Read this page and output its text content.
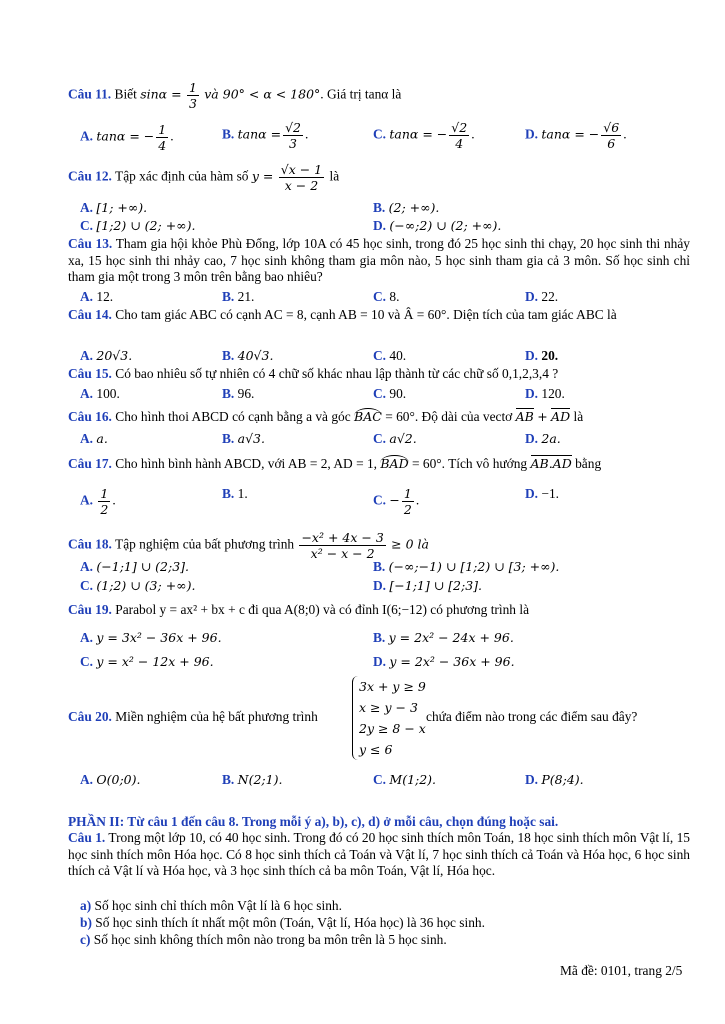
Câu 11. Biết $\sin\alpha = \frac{1}{3}$ và 90° < α < 180°. Giá trị tanα là
A. tanα = − $\frac{1}{4}$ .	B. $\tan\alpha = \frac{√2}{3}$ .	C. tanα = − $\frac{√2}{4}$ .	D. tanα = − $\frac{√6}{6}$ .
Câu 12. Tập xác định của hàm số $y = \frac{√x - 1}{x - 2}$ là
A. [1; +∞).	B. (2; +∞).
C. [1;2) ∪ (2; +∞).	D. (−∞;2) ∪ (2; +∞).
Câu 13. Tham gia hội khỏe Phù Đổng, lớp 10A có 45 học sinh, trong đó 25 học sinh thi chạy, 20 học sinh thi nhảy xa, 15 học sinh thi nhảy cao, 7 học sinh không tham gia môn nào, 5 học sinh tham gia cả 3 môn. Số học sinh chỉ tham gia một trong 3 môn trên bằng bao nhiêu?
A. 12.	B. 21.	C. 8.	D. 22.
Câu 14. Cho tam giác ABC có cạnh AC = 8, cạnh AB = 10 và Â = 60°. Diện tích của tam giác ABC là
A. 20√3.	B. 40√3.	C. 40.	D. 20.
Câu 15. Có bao nhiêu số tự nhiên có 4 chữ số khác nhau lập thành từ các chữ số 0,1,2,3,4 ?
A. 100.	B. 96.	C. 90.	D. 120.
Câu 16. Cho hình thoi ABCD có cạnh bằng a và góc BAC = 60°. Độ dài của vectơ AB + AD là
A. a.	B. a√3.	C. a√2.	D. 2a.
Câu 17. Cho hình bình hành ABCD, với AB = 2, AD = 1, BAD = 60°. Tích vô hướng AB.AD bằng
A. $\frac{1}{2}$ .	B. 1.	C. − $\frac{1}{2}$ .	D. −1.
Câu 18. Tập nghiệm của bất phương trình $\frac{\text{−x² + 4x − 3}}{\text{x² − x − 2}} \ge 0$ là
A. (−1;1] ∪ (2;3].	B. (−∞;−1) ∪ [1;2) ∪ [3; +∞).
C. (1;2) ∪ (3; +∞).	D. [−1;1] ∪ [2;3].
Câu 19. Parabol y = ax² + bx + c đi qua A(8;0) và có đỉnh I(6;−12) có phương trình là
A. y = 3x² − 36x + 96.	B. y = 2x² − 24x + 96.
C. y = x² − 12x + 96.	D. y = 2x² − 36x + 96.
Câu 20. Miền nghiệm của hệ bất phương trình
3x + y ≥ 9
x ≥ y − 3
2y ≥ 8 − x
y ≤ 6
chứa điểm nào trong các điểm sau đây?
A. O(0;0).	B. N(2;1).	C. M(1;2).	D. P(8;4).
PHẦN II: Từ câu 1 đến câu 8. Trong mỗi ý a), b), c), d) ở mỗi câu, chọn đúng hoặc sai.
Câu 1. Trong một lớp 10, có 40 học sinh. Trong đó có 20 học sinh thích môn Toán, 18 học sinh thích môn Vật lí, 15 học sinh thích môn Hóa học. Có 8 học sinh thích cả Toán và Vật lí, 7 học sinh thích cả Toán và Hóa học, 6 học sinh thích cả Vật lí và Hóa học, và 3 học sinh thích cả ba môn Toán, Vật lí, Hóa học.
a) Số học sinh chỉ thích môn Vật lí là 6 học sinh.
b) Số học sinh thích ít nhất một môn (Toán, Vật lí, Hóa học) là 36 học sinh.
c) Số học sinh không thích môn nào trong ba môn trên là 5 học sinh.
Mã đề: 0101, trang 2/5
